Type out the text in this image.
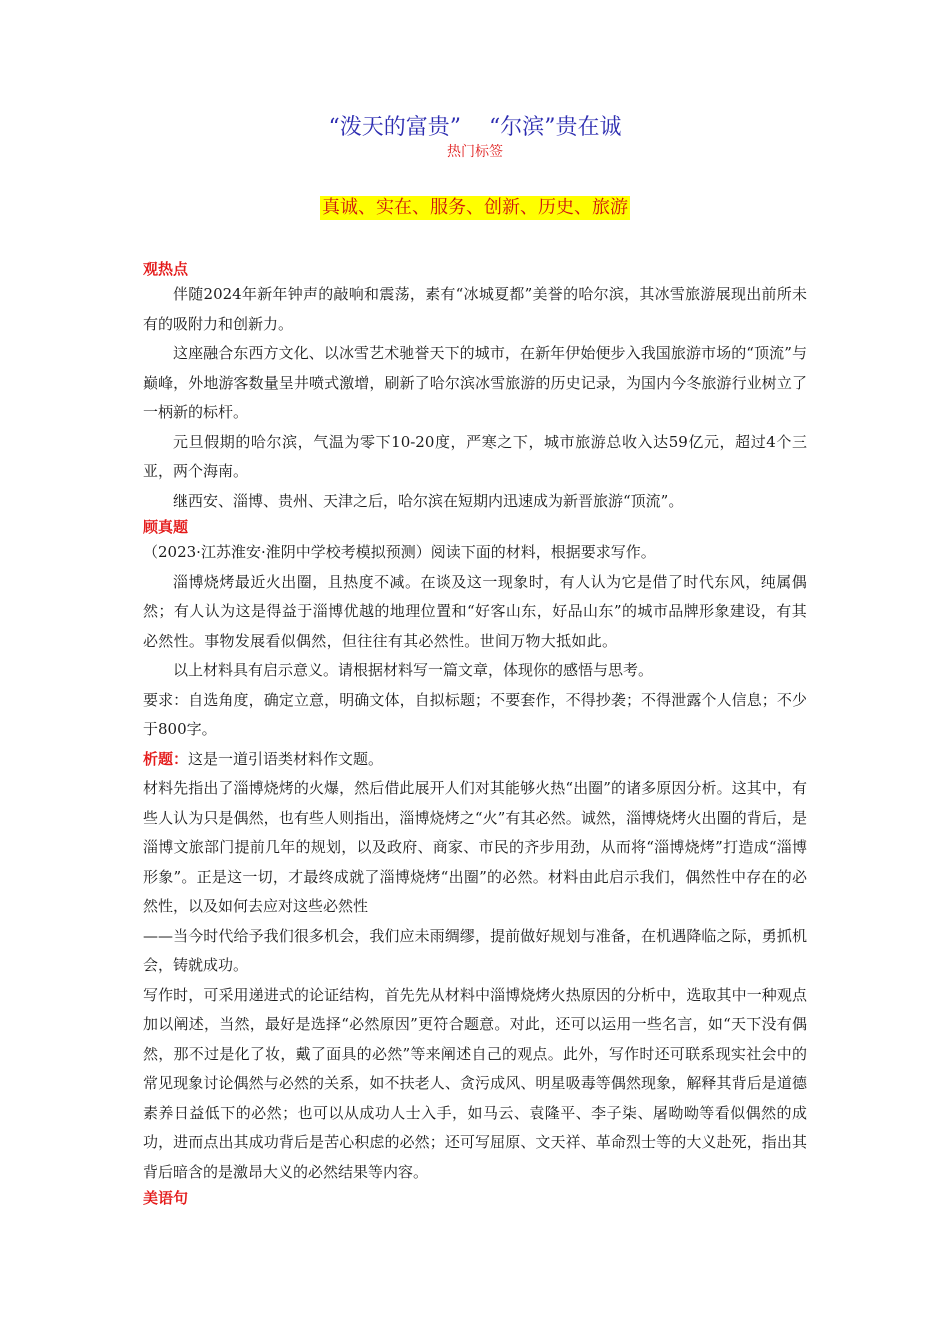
“泼天的富贵”    “尔滨”贵在诚
热门标签
真诚、实在、服务、创新、历史、旅游
观热点

伴随2024年新年钟声的敲响和震荡，素有“冰城夏都”美誉的哈尔滨，其冰雪旅游展现出前所未有的吸附力和创新力。

这座融合东西方文化、以冰雪艺术驰誉天下的城市，在新年伊始便步入我国旅游市场的“顶流”与巅峰，外地游客数量呈井喷式激增，刷新了哈尔滨冰雪旅游的历史记录，为国内今冬旅游行业树立了一柄新的标杆。

元旦假期的哈尔滨，气温为零下10-20度，严寒之下，城市旅游总收入达59亿元，超过4个三亚，两个海南。

继西安、淄博、贵州、天津之后，哈尔滨在短期内迅速成为新晋旅游“顶流”。

顾真题

（2023·江苏淮安·淮阴中学校考模拟预测）阅读下面的材料，根据要求写作。

淄博烧烤最近火出圈，且热度不减。在谈及这一现象时，有人认为它是借了时代东风，纯属偶然；有人认为这是得益于淄博优越的地理位置和“好客山东，好品山东”的城市品牌形象建设，有其必然性。事物发展看似偶然，但往往有其必然性。世间万物大抵如此。

以上材料具有启示意义。请根据材料写一篇文章，体现你的感悟与思考。

要求：自选角度，确定立意，明确文体，自拟标题；不要套作，不得抄袭；不得泄露个人信息；不少于800字。

析题：这是一道引语类材料作文题。

材料先指出了淄博烧烤的火爆，然后借此展开人们对其能够火热“出圈”的诸多原因分析。这其中，有些人认为只是偶然，也有些人则指出，淄博烧烤之“火”有其必然。诚然，淄博烧烤火出圈的背后，是淄博文旅部门提前几年的规划，以及政府、商家、市民的齐步用劲，从而将“淄博烧烤”打造成“淄博形象”。正是这一切，才最终成就了淄博烧烤“出圈”的必然。材料由此启示我们，偶然性中存在的必然性，以及如何去应对这些必然性

——当今时代给予我们很多机会，我们应未雨绸缪，提前做好规划与准备，在机遇降临之际，勇抓机会，铸就成功。

写作时，可采用递进式的论证结构，首先先从材料中淄博烧烤火热原因的分析中，选取其中一种观点加以阐述，当然，最好是选择“必然原因”更符合题意。对此，还可以运用一些名言，如“天下没有偶然，那不过是化了妆，戴了面具的必然”等来阐述自己的观点。此外，写作时还可联系现实社会中的常见现象讨论偶然与必然的关系，如不扶老人、贪污成风、明星吸毒等偶然现象，解释其背后是道德素养日益低下的必然；也可以从成功人士入手，如马云、袁隆平、李子柒、屠呦呦等看似偶然的成功，进而点出其成功背后是苦心积虑的必然；还可写屈原、文天祥、革命烈士等的大义赴死，指出其背后暗含的是激昂大义的必然结果等内容。

美语句
